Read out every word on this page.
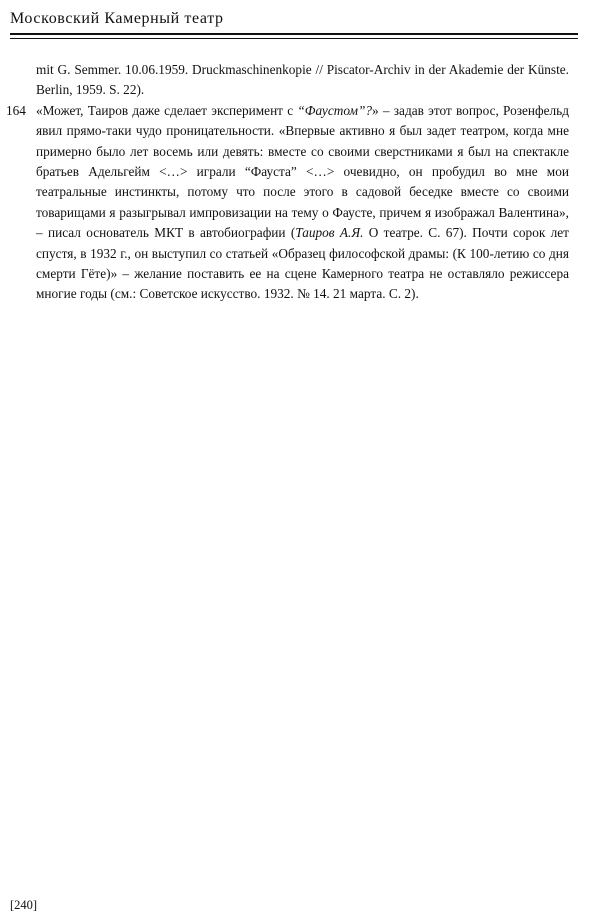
Московский Камерный театр

mit G. Semmer. 10.06.1959. Druckmaschinenkopie // Piscator-Archiv in der Akademie der Künste. Berlin, 1959. S. 22).

164 «Может, Таиров даже сделает эксперимент с “Фаустом”?» – задав этот вопрос, Розенфельд явил прямо-таки чудо проницательности. «Впервые активно я был задет театром, когда мне примерно было лет восемь или девять: вместе со своими сверстниками я был на спектакле братьев Адельгейм <…> играли “Фауста” <…> очевидно, он пробудил во мне мои театральные инстинкты, потому что после этого в садовой беседке вместе со своими товарищами я разыгрывал импровизации на тему о Фаусте, причем я изображал Валентина», – писал основатель МКТ в автобиографии (Таиров А.Я. О театре. С. 67). Почти сорок лет спустя, в 1932 г., он выступил со статьей «Образец философской драмы: (К 100-летию со дня смерти Гёте)» – желание поставить ее на сцене Камерного театра не оставляло режиссера многие годы (см.: Советское искусство. 1932. № 14. 21 марта. С. 2).

[240]
